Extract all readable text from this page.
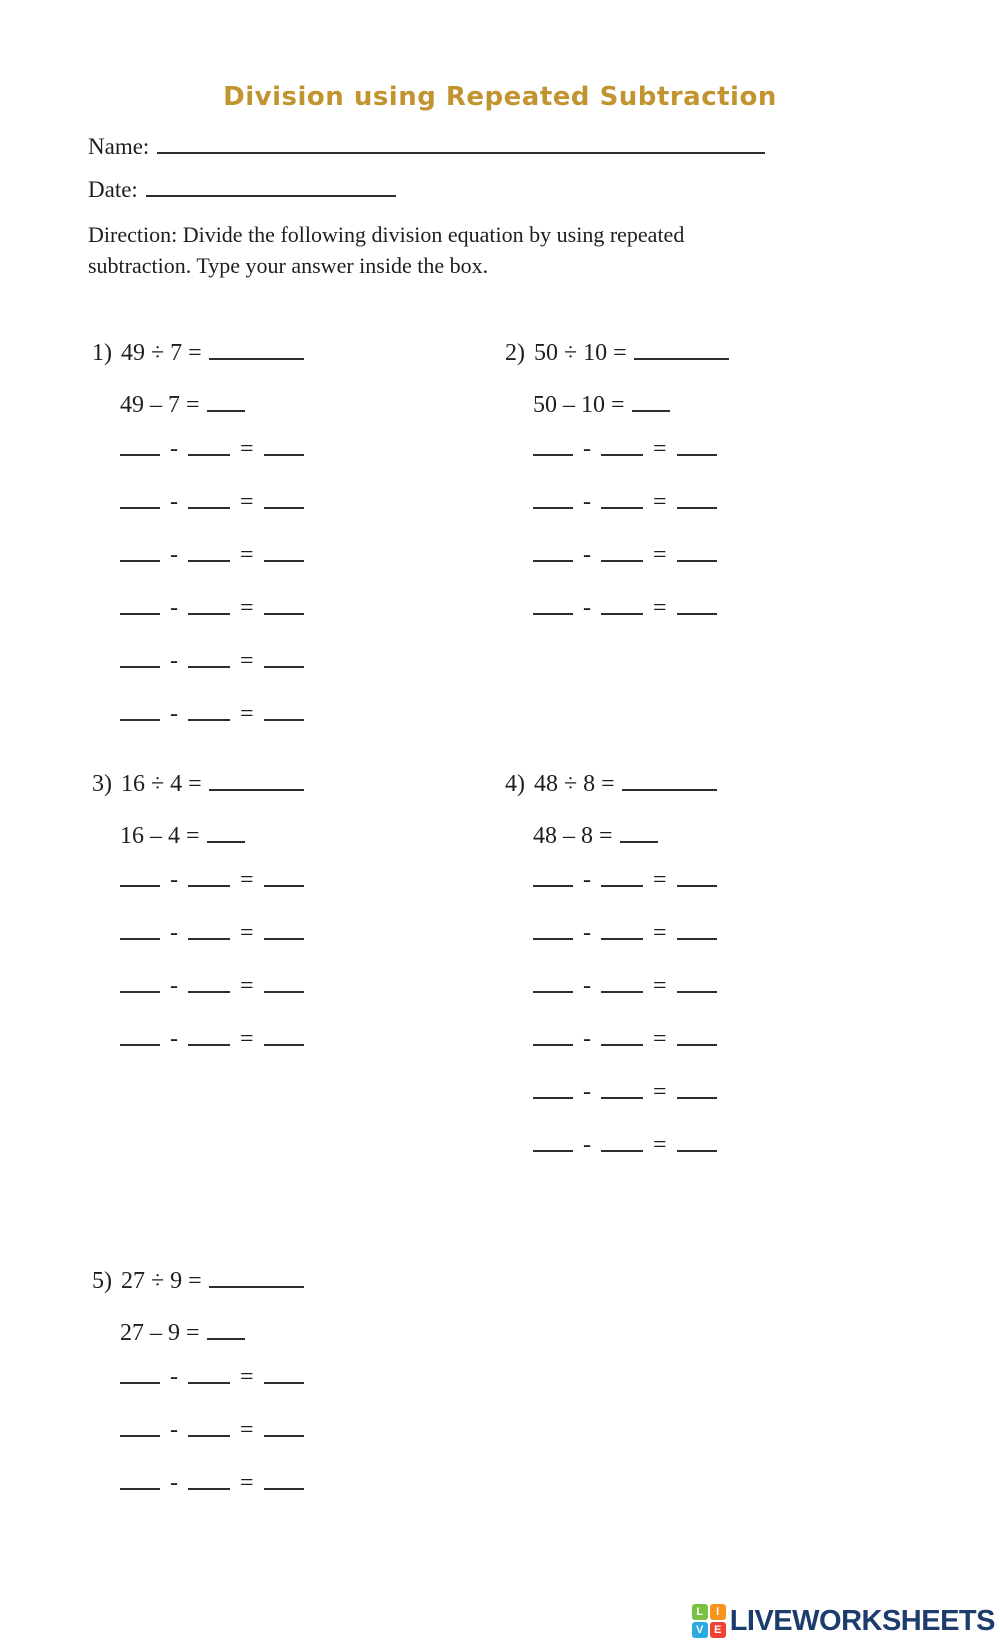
Division using Repeated Subtraction
Name:
Date:
Direction: Divide the following division equation by using repeated
subtraction. Type your answer inside the box.
1) 49 ÷ 7 =
49 – 7 =
-	=
-	=
-	=
-	=
-	=
-	=
2) 50 ÷ 10 =
50 – 10 =
-	=
-	=
-	=
-	=
3) 16 ÷ 4 =
16 – 4 =
-	=
-	=
-	=
-	=
4) 48 ÷ 8 =
48 – 8 =
-	=
-	=
-	=
-	=
-	=
-	=
5) 27 ÷ 9 =
27 – 9 =
-	=
-	=
-	=
L	I
V E LIVEWORKSHEETS
